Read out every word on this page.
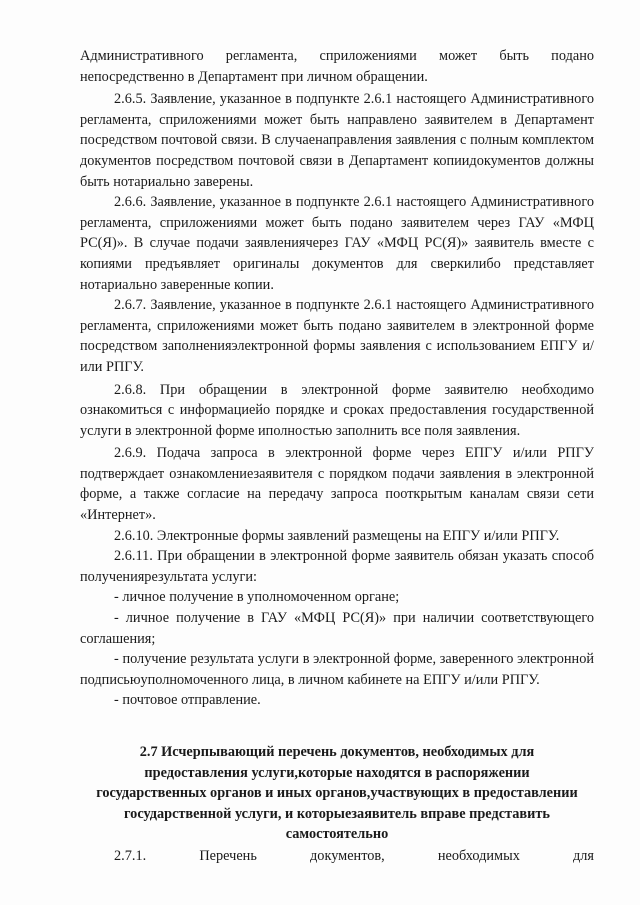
Административного регламента, сприложениями может быть подано непосредственно в Департамент при личном обращении.

2.6.5. Заявление, указанное в подпункте 2.6.1 настоящего Административного регламента, сприложениями может быть направлено заявителем в Департамент посредством почтовой связи. В случаенаправления заявления с полным комплектом документов посредством почтовой связи в Департамент копиидокументов должны быть нотариально заверены.

2.6.6. Заявление, указанное в подпункте 2.6.1 настоящего Административного регламента, сприложениями может быть подано заявителем через ГАУ «МФЦ РС(Я)». В случае подачи заявлениячерез ГАУ «МФЦ РС(Я)» заявитель вместе с копиями предъявляет оригиналы документов для сверкилибо представляет нотариально заверенные копии.

2.6.7. Заявление, указанное в подпункте 2.6.1 настоящего Административного регламента, сприложениями может быть подано заявителем в электронной форме посредством заполненияэлектронной формы заявления с использованием ЕПГУ и/или РПГУ.

2.6.8. При обращении в электронной форме заявителю необходимо ознакомиться с информациейо порядке и сроках предоставления государственной услуги в электронной форме иполностью заполнить все поля заявления.

2.6.9. Подача запроса в электронной форме через ЕПГУ и/или РПГУ подтверждает ознакомлениезаявителя с порядком подачи заявления в электронной форме, а также согласие на передачу запроса пооткрытым каналам связи сети «Интернет».

2.6.10. Электронные формы заявлений размещены на ЕПГУ и/или РПГУ.

2.6.11. При обращении в электронной форме заявитель обязан указать способ получениярезультата услуги:

- личное получение в уполномоченном органе;

- личное получение в ГАУ «МФЦ РС(Я)» при наличии соответствующего соглашения;

- получение результата услуги в электронной форме, заверенного электронной подписьюуполномоченного лица, в личном кабинете на ЕПГУ и/или РПГУ.

- почтовое отправление.

2.7 Исчерпывающий перечень документов, необходимых для

предоставления услуги,которые находятся в распоряжении

государственных органов и иных органов,участвующих в предоставлении

государственной услуги, и которыезаявитель вправе представить

самостоятельно

2.7.1. Перечень документов, необходимых для
